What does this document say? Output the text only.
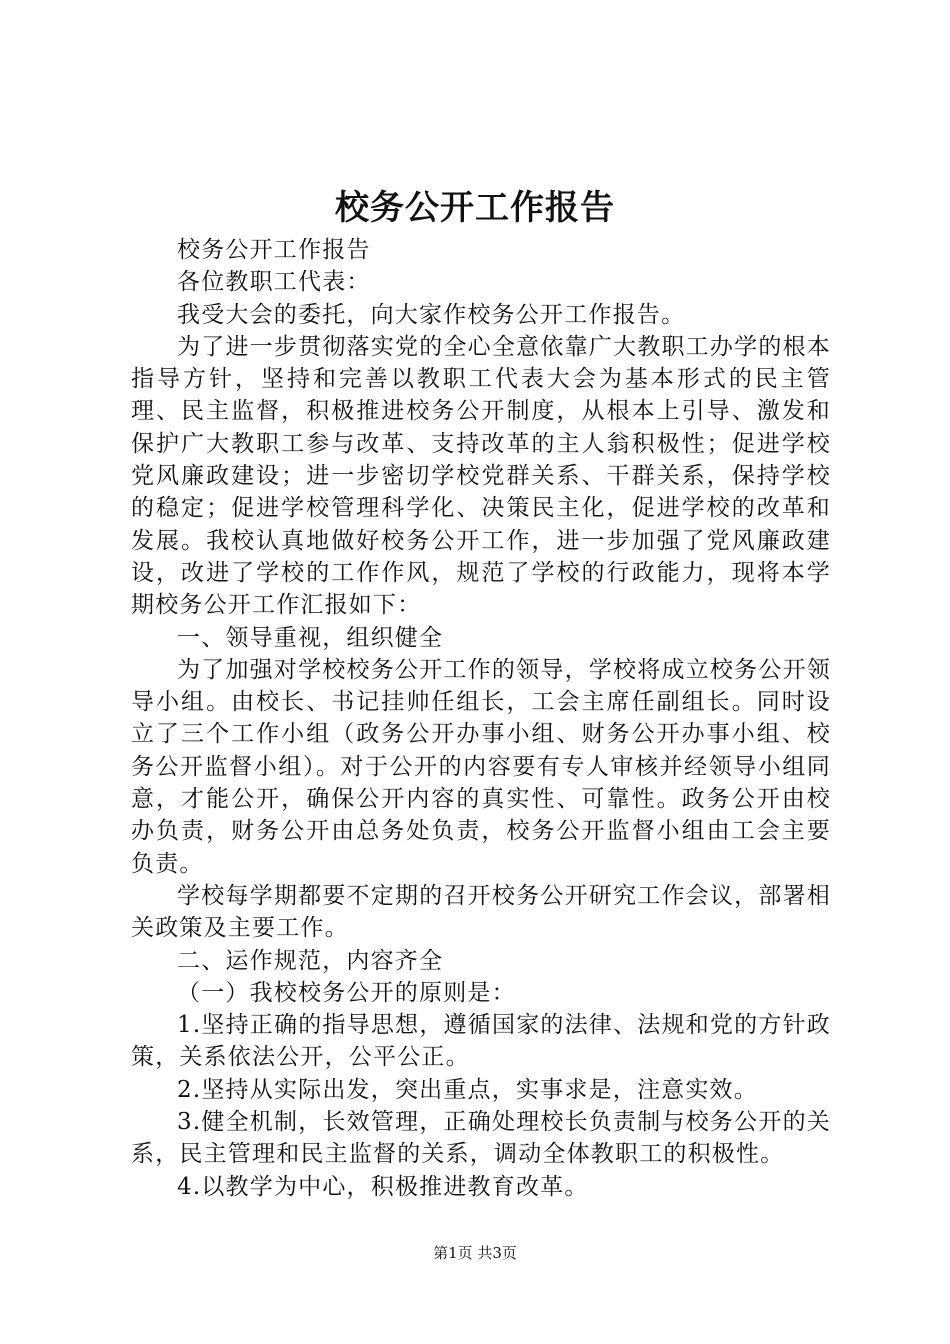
校务公开工作报告

校务公开工作报告

各位教职工代表：

我受大会的委托，向大家作校务公开工作报告。

为了进一步贯彻落实党的全心全意依靠广大教职工办学的根本指导方针，坚持和完善以教职工代表大会为基本形式的民主管理、民主监督，积极推进校务公开制度，从根本上引导、激发和保护广大教职工参与改革、支持改革的主人翁积极性；促进学校党风廉政建设；进一步密切学校党群关系、干群关系，保持学校的稳定；促进学校管理科学化、决策民主化，促进学校的改革和发展。我校认真地做好校务公开工作，进一步加强了党风廉政建设，改进了学校的工作作风，规范了学校的行政能力，现将本学期校务公开工作汇报如下：

一、领导重视，组织健全

为了加强对学校校务公开工作的领导，学校将成立校务公开领导小组。由校长、书记挂帅任组长，工会主席任副组长。同时设立了三个工作小组（政务公开办事小组、财务公开办事小组、校务公开监督小组）。对于公开的内容要有专人审核并经领导小组同意，才能公开，确保公开内容的真实性、可靠性。政务公开由校办负责，财务公开由总务处负责，校务公开监督小组由工会主要负责。

学校每学期都要不定期的召开校务公开研究工作会议，部署相关政策及主要工作。

二、运作规范，内容齐全

（一）我校校务公开的原则是：

1.坚持正确的指导思想，遵循国家的法律、法规和党的方针政策，关系依法公开，公平公正。

2.坚持从实际出发，突出重点，实事求是，注意实效。

3.健全机制，长效管理，正确处理校长负责制与校务公开的关系，民主管理和民主监督的关系，调动全体教职工的积极性。

4.以教学为中心，积极推进教育改革。

第1页 共3页
